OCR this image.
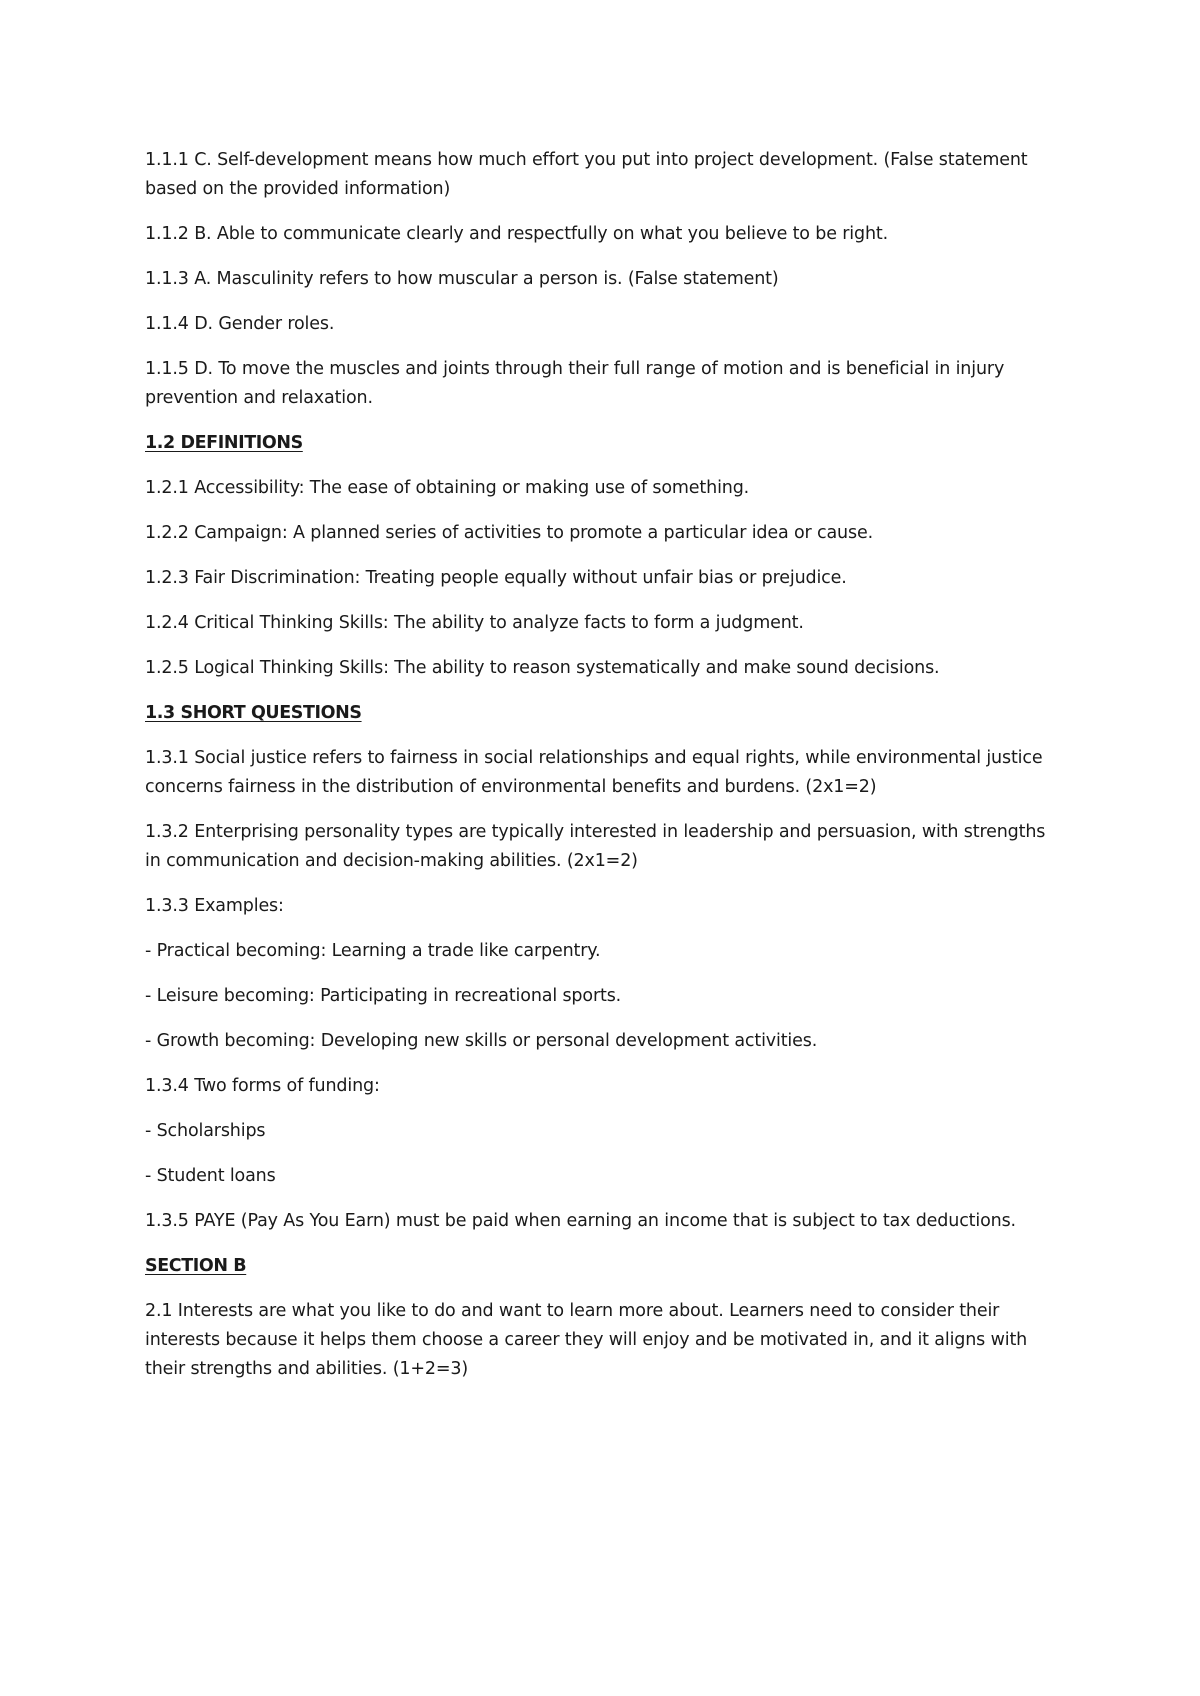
1.1.1 C. Self-development means how much effort you put into project development. (False statement based on the provided information)

1.1.2 B. Able to communicate clearly and respectfully on what you believe to be right.

1.1.3 A. Masculinity refers to how muscular a person is. (False statement)

1.1.4 D. Gender roles.

1.1.5 D. To move the muscles and joints through their full range of motion and is beneficial in injury prevention and relaxation.

1.2 DEFINITIONS

1.2.1 Accessibility: The ease of obtaining or making use of something.

1.2.2 Campaign: A planned series of activities to promote a particular idea or cause.

1.2.3 Fair Discrimination: Treating people equally without unfair bias or prejudice.

1.2.4 Critical Thinking Skills: The ability to analyze facts to form a judgment.

1.2.5 Logical Thinking Skills: The ability to reason systematically and make sound decisions.

1.3 SHORT QUESTIONS

1.3.1 Social justice refers to fairness in social relationships and equal rights, while environmental justice concerns fairness in the distribution of environmental benefits and burdens. (2x1=2)

1.3.2 Enterprising personality types are typically interested in leadership and persuasion, with strengths in communication and decision-making abilities. (2x1=2)

1.3.3 Examples:

- Practical becoming: Learning a trade like carpentry.

- Leisure becoming: Participating in recreational sports.

- Growth becoming: Developing new skills or personal development activities.

1.3.4 Two forms of funding:

- Scholarships

- Student loans

1.3.5 PAYE (Pay As You Earn) must be paid when earning an income that is subject to tax deductions.

SECTION B

2.1 Interests are what you like to do and want to learn more about. Learners need to consider their interests because it helps them choose a career they will enjoy and be motivated in, and it aligns with their strengths and abilities. (1+2=3)
